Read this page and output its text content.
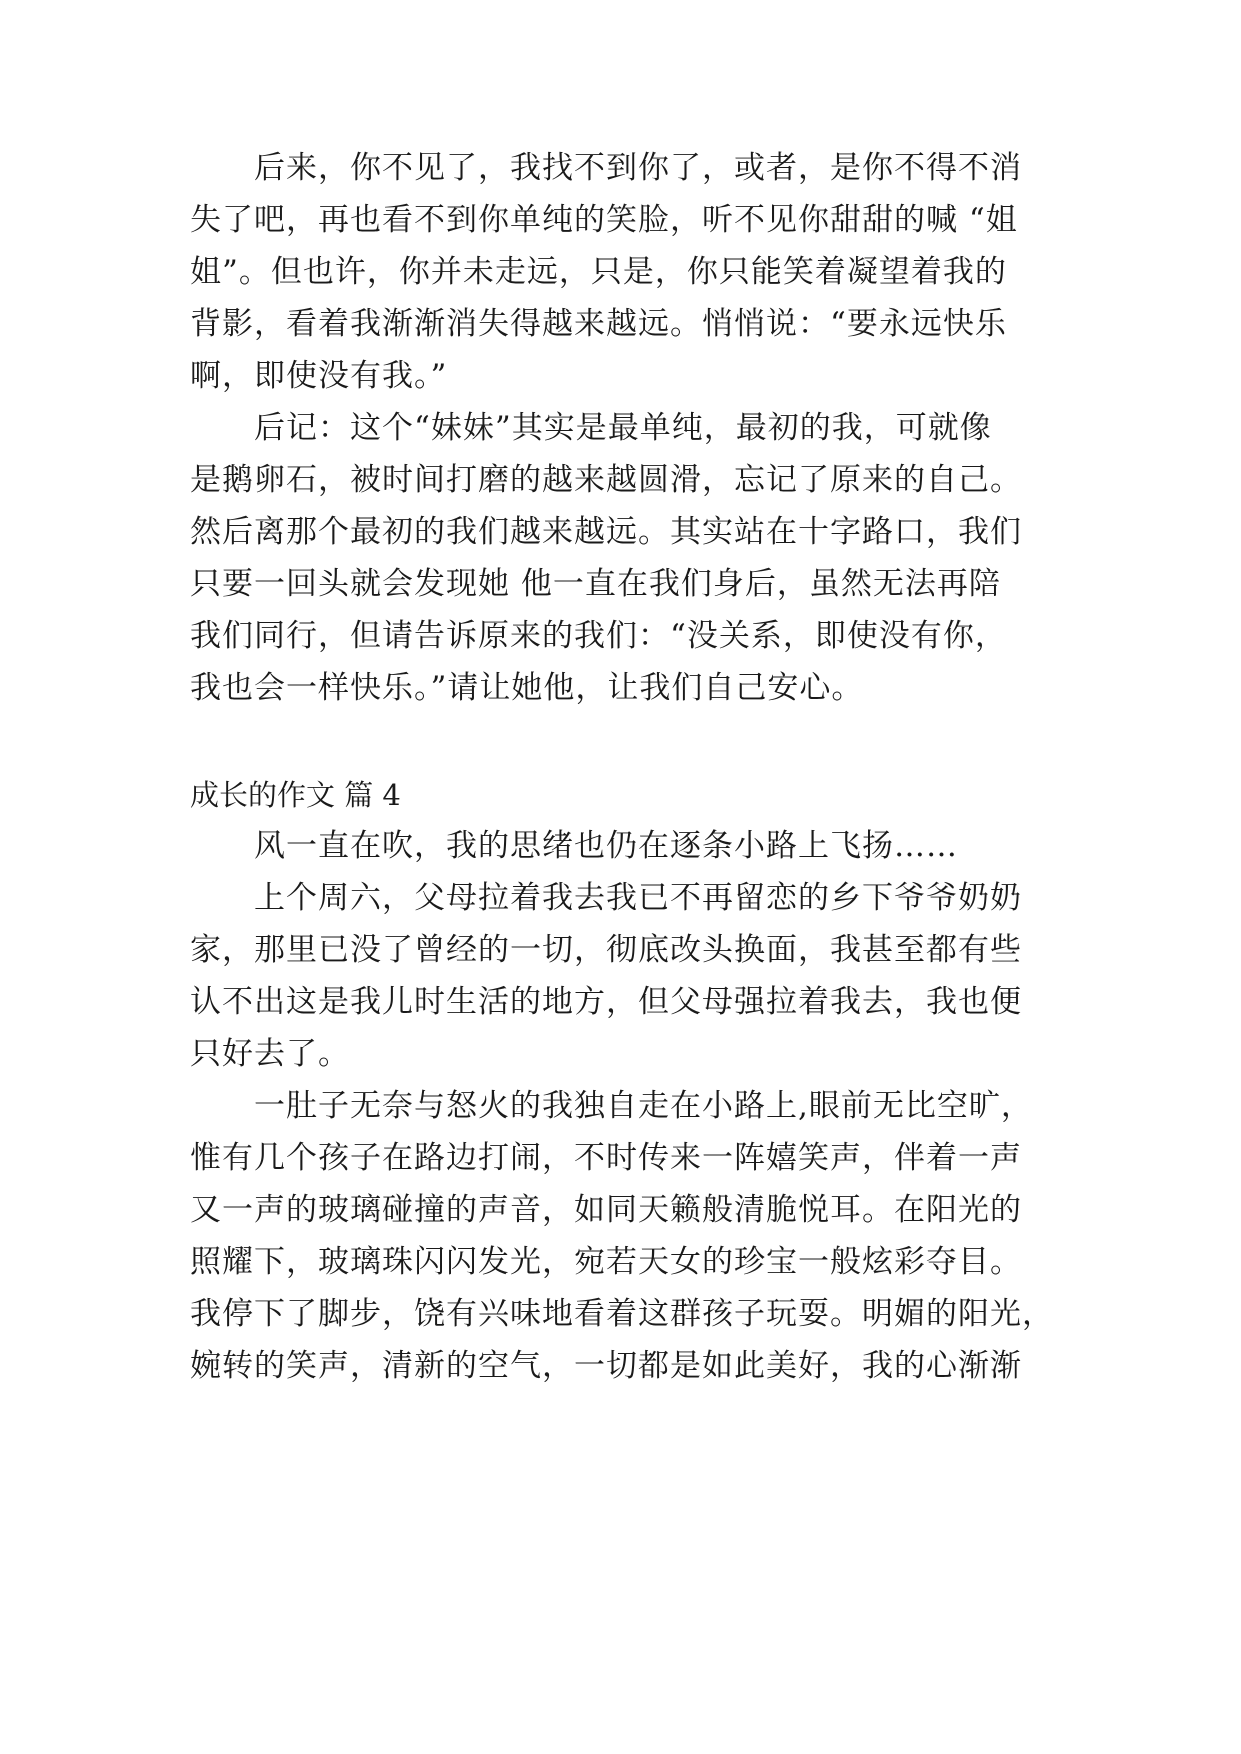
　　后来，你不见了，我找不到你了，或者，是你不得不消
失了吧，再也看不到你单纯的笑脸，听不见你甜甜的喊 “姐
姐”。但也许，你并未走远，只是，你只能笑着凝望着我的
背影，看着我渐渐消失得越来越远。悄悄说：“要永远快乐
啊，即使没有我。”
　　后记：这个“妹妹”其实是最单纯，最初的我，可就像
是鹅卵石，被时间打磨的越来越圆滑，忘记了原来的自己。
然后离那个最初的我们越来越远。其实站在十字路口，我们
只要一回头就会发现她 他一直在我们身后，虽然无法再陪
我们同行，但请告诉原来的我们：“没关系，即使没有你，
我也会一样快乐。”请让她他，让我们自己安心。
成长的作文 篇 4
　　风一直在吹，我的思绪也仍在逐条小路上飞扬……
　　上个周六，父母拉着我去我已不再留恋的乡下爷爷奶奶
家，那里已没了曾经的一切，彻底改头换面，我甚至都有些
认不出这是我儿时生活的地方，但父母强拉着我去，我也便
只好去了。
　　一肚子无奈与怒火的我独自走在小路上,眼前无比空旷，
惟有几个孩子在路边打闹，不时传来一阵嬉笑声，伴着一声
又一声的玻璃碰撞的声音，如同天籁般清脆悦耳。在阳光的
照耀下，玻璃珠闪闪发光，宛若天女的珍宝一般炫彩夺目。
我停下了脚步，饶有兴味地看着这群孩子玩耍。明媚的阳光，
婉转的笑声，清新的空气，一切都是如此美好，我的心渐渐
